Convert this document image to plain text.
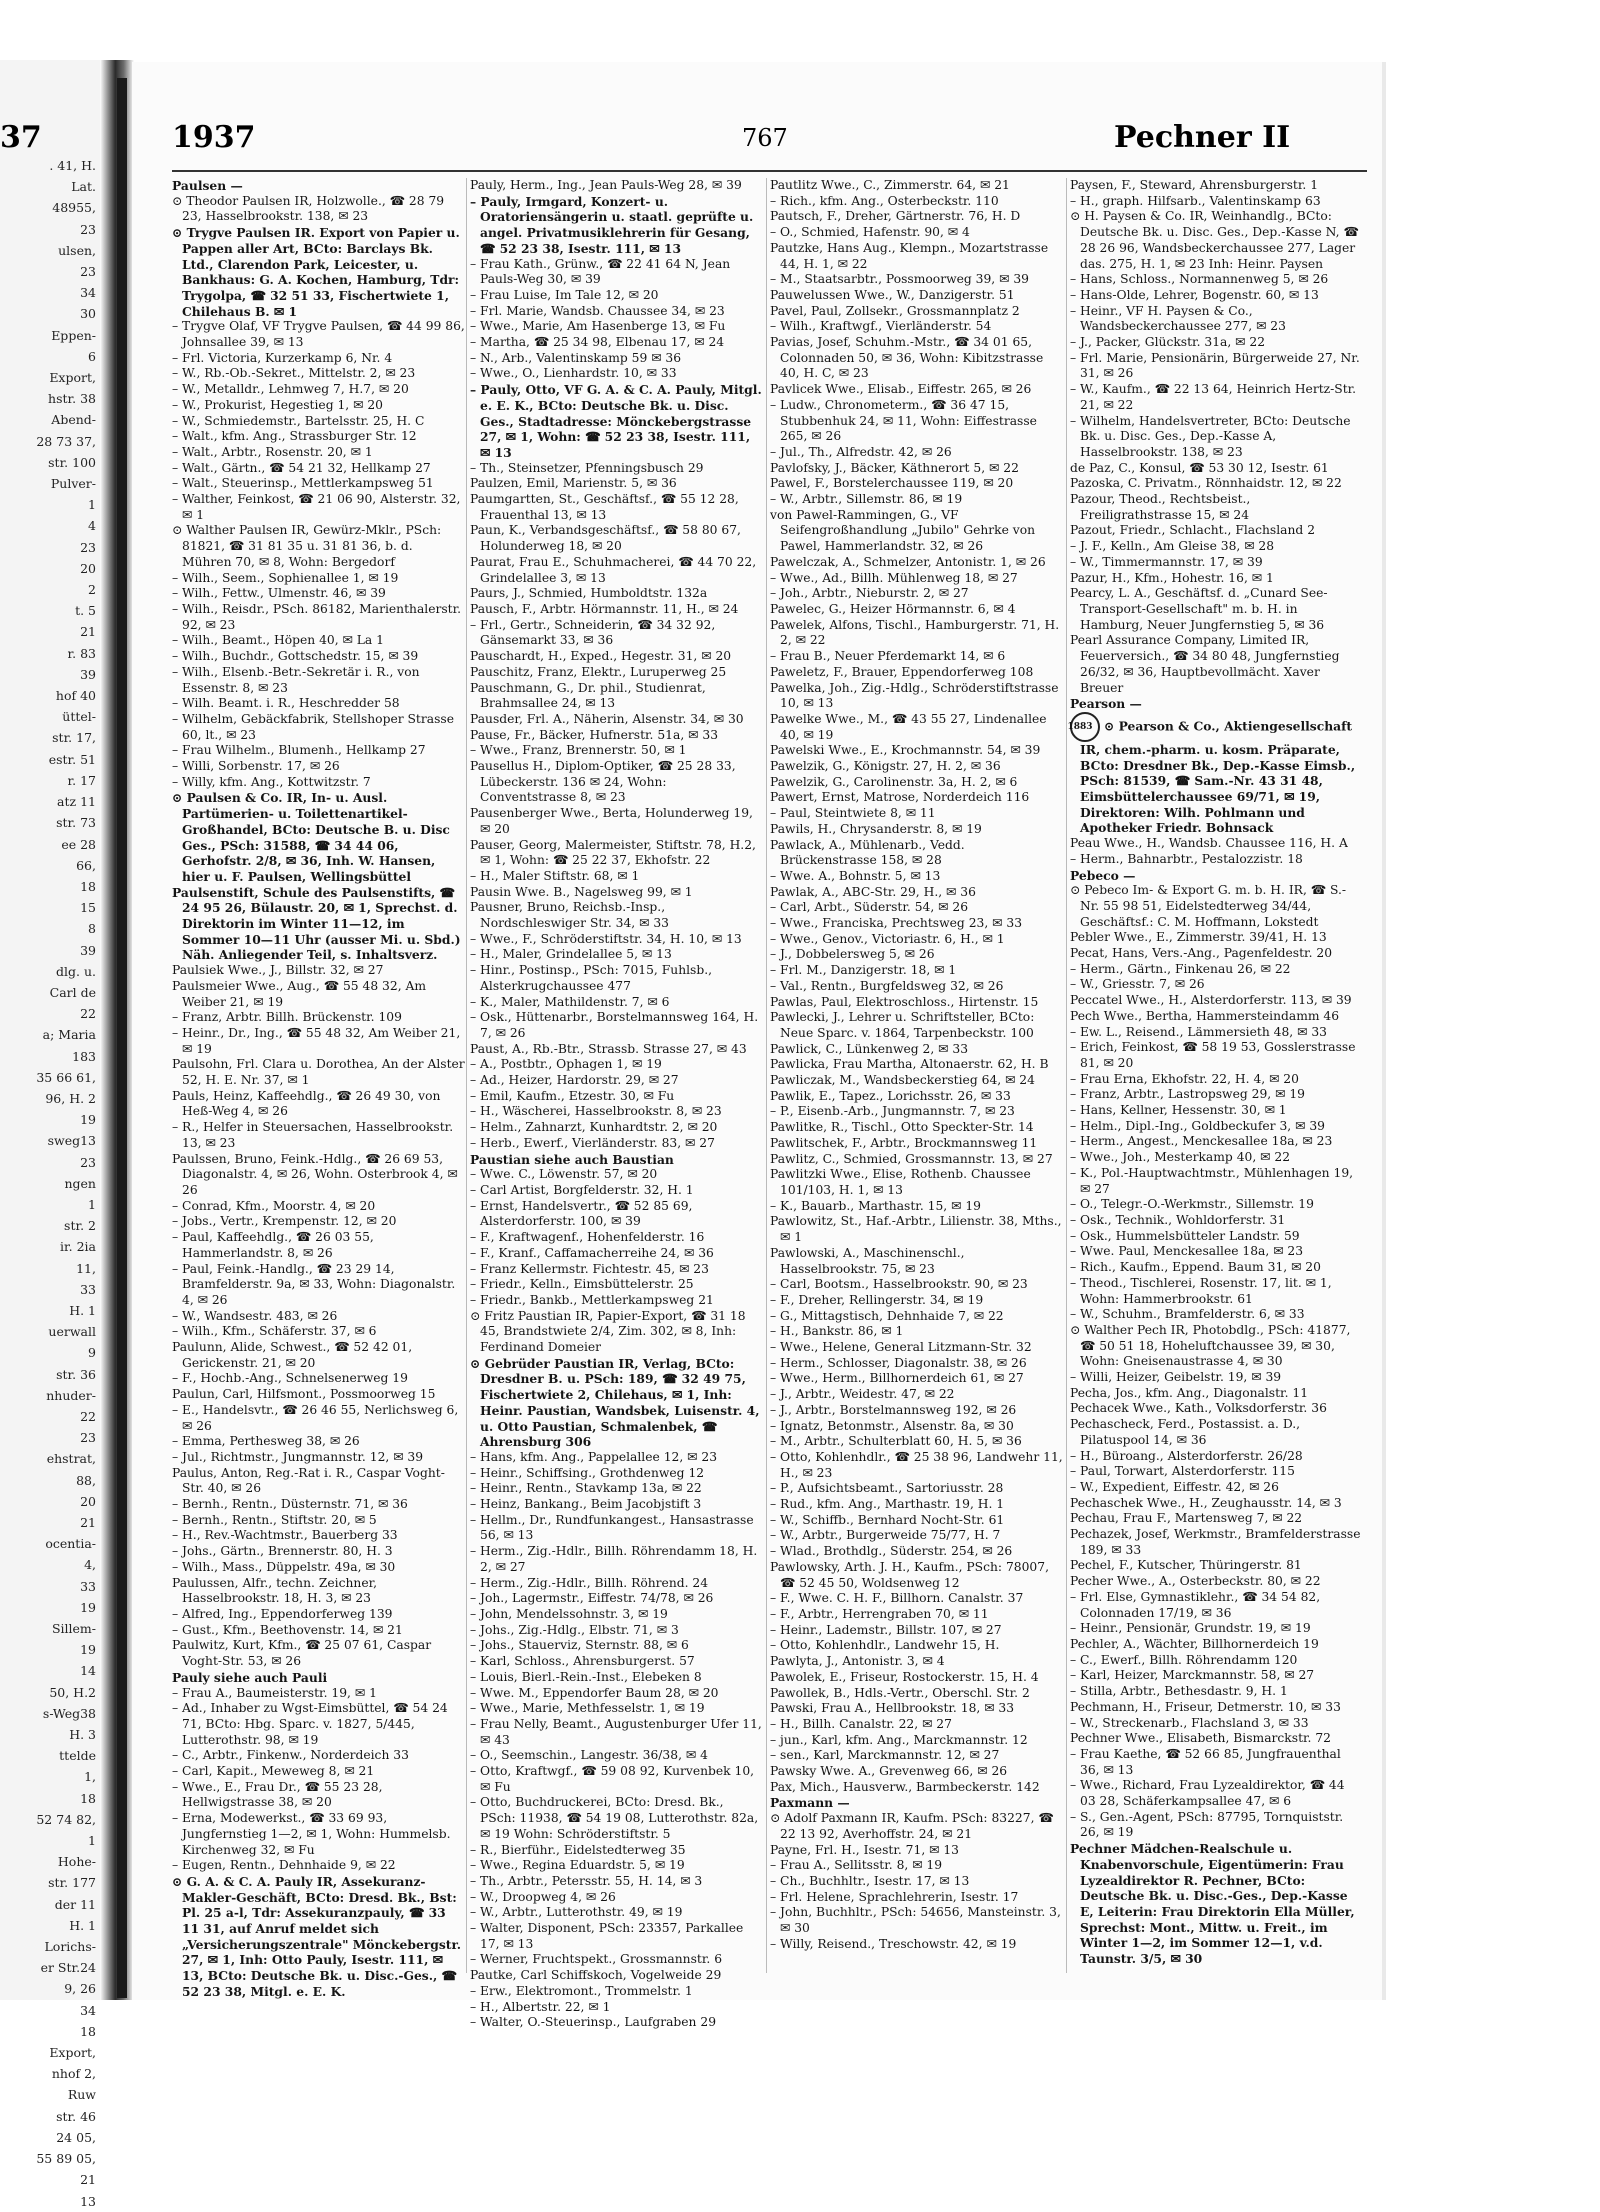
37
. 41, H.
Lat.
48955,
23
ulsen,
23
34
30
Eppen-
6
Export,
hstr. 38
Abend-
28 73 37,
str. 100
Pulver-
1
4
23
20
2
t. 5
21
r. 83
39
hof 40
üttel-
str. 17,
estr. 51
r. 17
atz 11
str. 73
ee 28
66,
18
15
8
39
dlg. u.
Carl de
22
a; Maria
183
35 66 61,
96, H. 2
19
sweg13
23
ngen
1
str. 2
ir. 2ia
11,
33
H. 1
uerwall
9
str. 36
nhuder-
22
23
ehstrat,
88,
20
21
ocentia-
4,
33
19
Sillem-
19
14
50, H.2
s-Weg38
H. 3
ttelde
1,
18
52 74 82,
1
Hohe-
str. 177
der 11
H. 1
Lorichs-
er Str.24
9, 26
34
18
Export,
nhof 2,
Ruw
str. 46
24 05,
55 89 05,
21
13
1937	767	Pechner II

Paulsen —

⊙ Theodor Paulsen IR, Holzwolle., ☎ 28 79 23, Hasselbrookstr. 138, ✉ 23

⊙ Trygve Paulsen IR. Export von Papier u. Pappen aller Art, BCto: Barclays Bk. Ltd., Clarendon Park, Leicester, u. Bankhaus: G. A. Kochen, Hamburg, Tdr: Trygolpa, ☎ 32 51 33, Fischertwiete 1, Chilehaus B. ✉ 1

– Trygve Olaf, VF Trygve Paulsen, ☎ 44 99 86, Johnsallee 39, ✉ 13

– Frl. Victoria, Kurzerkamp 6, Nr. 4

– W., Rb.-Ob.-Sekret., Mittelstr. 2, ✉ 23

– W., Metalldr., Lehmweg 7, H.7, ✉ 20

– W., Prokurist, Hegestieg 1, ✉ 20

– W., Schmiedemstr., Bartelsstr. 25, H. C

– Walt., kfm. Ang., Strassburger Str. 12

– Walt., Arbtr., Rosenstr. 20, ✉ 1

– Walt., Gärtn., ☎ 54 21 32, Hellkamp 27

– Walt., Steuerinsp., Mettlerkampsweg 51

– Walther, Feinkost, ☎ 21 06 90, Alsterstr. 32, ✉ 1

⊙ Walther Paulsen IR, Gewürz-Mklr., PSch: 81821, ☎ 31 81 35 u. 31 81 36, b. d. Mühren 70, ✉ 8, Wohn: Bergedorf

– Wilh., Seem., Sophienallee 1, ✉ 19

– Wilh., Fettw., Ulmenstr. 46, ✉ 39

– Wilh., Reisdr., PSch. 86182, Marienthalerstr. 92, ✉ 23

– Wilh., Beamt., Höpen 40, ✉ La 1

– Wilh., Buchdr., Gottschedstr. 15, ✉ 39

– Wilh., Elsenb.-Betr.-Sekretär i. R., von Essenstr. 8, ✉ 23

– Wilh. Beamt. i. R., Heschredder 58

– Wilhelm, Gebäckfabrik, Stellshoper Strasse 60, lt., ✉ 23

– Frau Wilhelm., Blumenh., Hellkamp 27

– Willi, Sorbenstr. 17, ✉ 26

– Willy, kfm. Ang., Kottwitzstr. 7

⊙ Paulsen & Co. IR, In- u. Ausl. Partümerien- u. Toilettenartikel-Großhandel, BCto: Deutsche B. u. Disc Ges., PSch: 31588, ☎ 34 44 06, Gerhofstr. 2/8, ✉ 36, Inh. W. Hansen, hier u. F. Paulsen, Wellingsbüttel

Paulsenstift, Schule des Paulsenstifts, ☎ 24 95 26, Bülaustr. 20, ✉ 1, Sprechst. d. Direktorin im Winter 11—12, im Sommer 10—11 Uhr (ausser Mi. u. Sbd.) Näh. Anliegender Teil, s. Inhaltsverz.

Paulsiek Wwe., J., Billstr. 32, ✉ 27

Paulsmeier Wwe., Aug., ☎ 55 48 32, Am Weiber 21, ✉ 19

– Franz, Arbtr. Billh. Brückenstr. 109

– Heinr., Dr., Ing., ☎ 55 48 32, Am Weiber 21, ✉ 19

Paulsohn, Frl. Clara u. Dorothea, An der Alster 52, H. E. Nr. 37, ✉ 1

Pauls, Heinz, Kaffeehdlg., ☎ 26 49 30, von Heß-Weg 4, ✉ 26

– R., Helfer in Steuersachen, Hasselbrookstr. 13, ✉ 23

Paulssen, Bruno, Feink.-Hdlg., ☎ 26 69 53, Diagonalstr. 4, ✉ 26, Wohn. Osterbrook 4, ✉ 26

– Conrad, Kfm., Moorstr. 4, ✉ 20

– Jobs., Vertr., Krempenstr. 12, ✉ 20

– Paul, Kaffeehdlg., ☎ 26 03 55, Hammerlandstr. 8, ✉ 26

– Paul, Feink.-Handlg., ☎ 23 29 14, Bramfelderstr. 9a, ✉ 33, Wohn: Diagonalstr. 4, ✉ 26

– W., Wandsestr. 483, ✉ 26

– Wilh., Kfm., Schäferstr. 37, ✉ 6

Paulunn, Alide, Schwest., ☎ 52 42 01, Gerickenstr. 21, ✉ 20

– F., Hochb.-Ang., Schnelsenerweg 19

Paulun, Carl, Hilfsmont., Possmoorweg 15

– E., Handelsvtr., ☎ 26 46 55, Nerlichsweg 6, ✉ 26

– Emma, Perthesweg 38, ✉ 26

– Jul., Richtmstr., Jungmannstr. 12, ✉ 39

Paulus, Anton, Reg.-Rat i. R., Caspar Voght-Str. 40, ✉ 26

– Bernh., Rentn., Düsternstr. 71, ✉ 36

– Bernh., Rentn., Stiftstr. 20, ✉ 5

– H., Rev.-Wachtmstr., Bauerberg 33

– Johs., Gärtn., Brennerstr. 80, H. 3

– Wilh., Mass., Düppelstr. 49a, ✉ 30

Paulussen, Alfr., techn. Zeichner, Hasselbrookstr. 18, H. 3, ✉ 23

– Alfred, Ing., Eppendorferweg 139

– Gust., Kfm., Beethovenstr. 14, ✉ 21

Paulwitz, Kurt, Kfm., ☎ 25 07 61, Caspar Voght-Str. 53, ✉ 26

Pauly siehe auch Pauli

– Frau A., Baumeisterstr. 19, ✉ 1

– Ad., Inhaber zu Wgst-Eimsbüttel, ☎ 54 24 71, BCto: Hbg. Sparc. v. 1827, 5/445, Lutterothstr. 98, ✉ 19

– C., Arbtr., Finkenw., Norderdeich 33

– Carl, Kapit., Meweweg 8, ✉ 21

– Wwe., E., Frau Dr., ☎ 55 23 28, Hellwigstrasse 38, ✉ 20

– Erna, Modewerkst., ☎ 33 69 93, Jungfernstieg 1—2, ✉ 1, Wohn: Hummelsb. Kirchenweg 32, ✉ Fu

– Eugen, Rentn., Dehnhaide 9, ✉ 22

⊙ G. A. & C. A. Pauly IR, Assekuranz-Makler-Geschäft, BCto: Dresd. Bk., Bst: Pl. 25 a-l, Tdr: Assekuranzpauly, ☎ 33 11 31, auf Anruf meldet sich „Versicherungszentrale" Mönckebergstr. 27, ✉ 1, Inh: Otto Pauly, Isestr. 111, ✉ 13, BCto: Deutsche Bk. u. Disc.-Ges., ☎ 52 23 38, Mitgl. e. E. K.

Pauly, Herm., Ing., Jean Pauls-Weg 28, ✉ 39

– Pauly, Irmgard, Konzert- u. Oratoriensängerin u. staatl. geprüfte u. angel. Privatmusiklehrerin für Gesang, ☎ 52 23 38, Isestr. 111, ✉ 13

– Frau Kath., Grünw., ☎ 22 41 64 N, Jean Pauls-Weg 30, ✉ 39

– Frau Luise, Im Tale 12, ✉ 20

– Frl. Marie, Wandsb. Chaussee 34, ✉ 23

– Wwe., Marie, Am Hasenberge 13, ✉ Fu

– Martha, ☎ 25 34 98, Elbenau 17, ✉ 24

– N., Arb., Valentinskamp 59 ✉ 36

– Wwe., O., Lienhardstr. 10, ✉ 33

– Pauly, Otto, VF G. A. & C. A. Pauly, Mitgl. e. E. K., BCto: Deutsche Bk. u. Disc. Ges., Stadtadresse: Mönckebergstrasse 27, ✉ 1, Wohn: ☎ 52 23 38, Isestr. 111, ✉ 13

– Th., Steinsetzer, Pfenningsbusch 29

Paulzen, Emil, Marienstr. 5, ✉ 36

Paumgartten, St., Geschäftsf., ☎ 55 12 28, Frauenthal 13, ✉ 13

Paun, K., Verbandsgeschäftsf., ☎ 58 80 67, Holunderweg 18, ✉ 20

Paurat, Frau E., Schuhmacherei, ☎ 44 70 22, Grindelallee 3, ✉ 13

Paurs, J., Schmied, Humboldtstr. 132a

Pausch, F., Arbtr. Hörmannstr. 11, H., ✉ 24

– Frl., Gertr., Schneiderin, ☎ 34 32 92, Gänsemarkt 33, ✉ 36

Pauschardt, H., Exped., Hegestr. 31, ✉ 20

Pauschitz, Franz, Elektr., Luruperweg 25

Pauschmann, G., Dr. phil., Studienrat, Brahmsallee 24, ✉ 13

Pausder, Frl. A., Näherin, Alsenstr. 34, ✉ 30

Pause, Fr., Bäcker, Hufnerstr. 51a, ✉ 33

– Wwe., Franz, Brennerstr. 50, ✉ 1

Pausellus H., Diplom-Optiker, ☎ 25 28 33, Lübeckerstr. 136 ✉ 24, Wohn: Conventstrasse 8, ✉ 23

Pausenberger Wwe., Berta, Holunderweg 19, ✉ 20

Pauser, Georg, Malermeister, Stiftstr. 78, H.2, ✉ 1, Wohn: ☎ 25 22 37, Ekhofstr. 22

– H., Maler Stiftstr. 68, ✉ 1

Pausin Wwe. B., Nagelsweg 99, ✉ 1

Pausner, Bruno, Reichsb.-Insp., Nordschleswiger Str. 34, ✉ 33

– Wwe., F., Schröderstiftstr. 34, H. 10, ✉ 13

– H., Maler, Grindelallee 5, ✉ 13

– Hinr., Postinsp., PSch: 7015, Fuhlsb., Alsterkrugchaussee 477

– K., Maler, Mathildenstr. 7, ✉ 6

– Osk., Hüttenarbr., Borstelmannsweg 164, H. 7, ✉ 26

Paust, A., Rb.-Btr., Strassb. Strasse 27, ✉ 43

– A., Postbtr., Ophagen 1, ✉ 19

– Ad., Heizer, Hardorstr. 29, ✉ 27

– Emil, Kaufm., Etzestr. 30, ✉ Fu

– H., Wäscherei, Hasselbrookstr. 8, ✉ 23

– Helm., Zahnarzt, Kunhardtstr. 2, ✉ 20

– Herb., Ewerf., Vierländerstr. 83, ✉ 27

Paustian siehe auch Baustian

– Wwe. C., Löwenstr. 57, ✉ 20

– Carl Artist, Borgfelderstr. 32, H. 1

– Ernst, Handelsvertr., ☎ 52 85 69, Alsterdorferstr. 100, ✉ 39

– F., Kraftwagenf., Hohenfelderstr. 16

– F., Kranf., Caffamacherreihe 24, ✉ 36

– Franz Kellermstr. Fichtestr. 45, ✉ 23

– Friedr., Kelln., Eimsbüttelerstr. 25

– Friedr., Bankb., Mettlerkampsweg 21

⊙ Fritz Paustian IR, Papier-Export, ☎ 31 18 45, Brandstwiete 2/4, Zim. 302, ✉ 8, Inh: Ferdinand Domeier

⊙ Gebrüder Paustian IR, Verlag, BCto: Dresdner B. u. PSch: 189, ☎ 32 49 75, Fischertwiete 2, Chilehaus, ✉ 1, Inh: Heinr. Paustian, Wandsbek, Luisenstr. 4, u. Otto Paustian, Schmalenbek, ☎ Ahrensburg 306

– Hans, kfm. Ang., Pappelallee 12, ✉ 23

– Heinr., Schiffsing., Grothdenweg 12

– Heinr., Rentn., Stavkamp 13a, ✉ 22

– Heinz, Bankang., Beim Jacobjstift 3

– Hellm., Dr., Rundfunkangest., Hansastrasse 56, ✉ 13

– Herm., Zig.-Hdlr., Billh. Röhrendamm 18, H. 2, ✉ 27

– Herm., Zig.-Hdlr., Billh. Röhrend. 24

– Joh., Lagermstr., Eiffestr. 74/78, ✉ 26

– John, Mendelssohnstr. 3, ✉ 19

– Johs., Zig.-Hdlg., Elbstr. 71, ✉ 3

– Johs., Stauerviz, Sternstr. 88, ✉ 6

– Karl, Schloss., Ahrensburgerst. 57

– Louis, Bierl.-Rein.-Inst., Elebeken 8

– Wwe. M., Eppendorfer Baum 28, ✉ 20

– Wwe., Marie, Methfesselstr. 1, ✉ 19

– Frau Nelly, Beamt., Augustenburger Ufer 11, ✉ 43

– O., Seemschin., Langestr. 36/38, ✉ 4

– Otto, Kraftwgf., ☎ 59 08 92, Kurvenbek 10, ✉ Fu

– Otto, Buchdruckerei, BCto: Dresd. Bk., PSch: 11938, ☎ 54 19 08, Lutterothstr. 82a, ✉ 19 Wohn: Schröderstiftstr. 5

– R., Bierführ., Eidelstedterweg 35

– Wwe., Regina Eduardstr. 5, ✉ 19

– Th., Arbtr., Petersstr. 55, H. 14, ✉ 3

– W., Droopweg 4, ✉ 26

– W., Arbtr., Lutterothstr. 49, ✉ 19

– Walter, Disponent, PSch: 23357, Parkallee 17, ✉ 13

– Werner, Fruchtspekt., Grossmannstr. 6

Pautke, Carl Schiffskoch, Vogelweide 29

– Erw., Elektromont., Trommelstr. 1

– H., Albertstr. 22, ✉ 1

– Walter, O.-Steuerinsp., Laufgraben 29

Pautlitz Wwe., C., Zimmerstr. 64, ✉ 21

– Rich., kfm. Ang., Osterbeckstr. 110

Pautsch, F., Dreher, Gärtnerstr. 76, H. D

– O., Schmied, Hafenstr. 90, ✉ 4

Pautzke, Hans Aug., Klempn., Mozartstrasse 44, H. 1, ✉ 22

– M., Staatsarbtr., Possmoorweg 39, ✉ 39

Pauwelussen Wwe., W., Danzigerstr. 51

Pavel, Paul, Zollsekr., Grossmannplatz 2

– Wilh., Kraftwgf., Vierländerstr. 54

Pavias, Josef, Schuhm.-Mstr., ☎ 34 01 65, Colonnaden 50, ✉ 36, Wohn: Kibitzstrasse 40, H. C, ✉ 23

Pavlicek Wwe., Elisab., Eiffestr. 265, ✉ 26

– Ludw., Chronometerm., ☎ 36 47 15, Stubbenhuk 24, ✉ 11, Wohn: Eiffestrasse 265, ✉ 26

– Jul., Th., Alfredstr. 42, ✉ 26

Pavlofsky, J., Bäcker, Käthnerort 5, ✉ 22

Pawel, F., Borstelerchaussee 119, ✉ 20

– W., Arbtr., Sillemstr. 86, ✉ 19

von Pawel-Rammingen, G., VF Seifengroßhandlung „Jubilo" Gehrke von Pawel, Hammerlandstr. 32, ✉ 26

Pawelczak, A., Schmelzer, Antonistr. 1, ✉ 26

– Wwe., Ad., Billh. Mühlenweg 18, ✉ 27

– Joh., Arbtr., Nieburstr. 2, ✉ 27

Pawelec, G., Heizer Hörmannstr. 6, ✉ 4

Pawelek, Alfons, Tischl., Hamburgerstr. 71, H. 2, ✉ 22

– Frau B., Neuer Pferdemarkt 14, ✉ 6

Paweletz, F., Brauer, Eppendorferweg 108

Pawelka, Joh., Zig.-Hdlg., Schröderstiftstrasse 10, ✉ 13

Pawelke Wwe., M., ☎ 43 55 27, Lindenallee 40, ✉ 19

Pawelski Wwe., E., Krochmannstr. 54, ✉ 39

Pawelzik, G., Königstr. 27, H. 2, ✉ 36

Pawelzik, G., Carolinenstr. 3a, H. 2, ✉ 6

Pawert, Ernst, Matrose, Norderdeich 116

– Paul, Steintwiete 8, ✉ 11

Pawils, H., Chrysanderstr. 8, ✉ 19

Pawlack, A., Mühlenarb., Vedd. Brückenstrasse 158, ✉ 28

– Wwe. A., Bohnstr. 5, ✉ 13

Pawlak, A., ABC-Str. 29, H., ✉ 36

– Carl, Arbt., Süderstr. 54, ✉ 26

– Wwe., Franciska, Prechtsweg 23, ✉ 33

– Wwe., Genov., Victoriastr. 6, H., ✉ 1

– J., Dobbelersweg 5, ✉ 26

– Frl. M., Danzigerstr. 18, ✉ 1

– Val., Rentn., Burgfeldsweg 32, ✉ 26

Pawlas, Paul, Elektroschloss., Hirtenstr. 15

Pawlecki, J., Lehrer u. Schriftsteller, BCto: Neue Sparc. v. 1864, Tarpenbeckstr. 100

Pawlick, C., Lünkenweg 2, ✉ 33

Pawlicka, Frau Martha, Altonaerstr. 62, H. B

Pawliczak, M., Wandsbeckerstieg 64, ✉ 24

Pawlik, E., Tapez., Lorichsstr. 26, ✉ 33

– P., Eisenb.-Arb., Jungmannstr. 7, ✉ 23

Pawlitke, R., Tischl., Otto Speckter-Str. 14

Pawlitschek, F., Arbtr., Brockmannsweg 11

Pawlitz, C., Schmied, Grossmannstr. 13, ✉ 27

Pawlitzki Wwe., Elise, Rothenb. Chaussee 101/103, H. 1, ✉ 13

– K., Bauarb., Marthastr. 15, ✉ 19

Pawlowitz, St., Haf.-Arbtr., Lilienstr. 38, Mths., ✉ 1

Pawlowski, A., Maschinenschl., Hasselbrookstr. 75, ✉ 23

– Carl, Bootsm., Hasselbrookstr. 90, ✉ 23

– F., Dreher, Rellingerstr. 34, ✉ 19

– G., Mittagstisch, Dehnhaide 7, ✉ 22

– H., Bankstr. 86, ✉ 1

– Wwe., Helene, General Litzmann-Str. 32

– Herm., Schlosser, Diagonalstr. 38, ✉ 26

– Wwe., Herm., Billhornerdeich 61, ✉ 27

– J., Arbtr., Weidestr. 47, ✉ 22

– J., Arbtr., Borstelmannsweg 192, ✉ 26

– Ignatz, Betonmstr., Alsenstr. 8a, ✉ 30

– M., Arbtr., Schulterblatt 60, H. 5, ✉ 36

– Otto, Kohlenhdlr., ☎ 25 38 96, Landwehr 11, H., ✉ 23

– P., Aufsichtsbeamt., Sartoriusstr. 28

– Rud., kfm. Ang., Marthastr. 19, H. 1

– W., Schiffb., Bernhard Nocht-Str. 61

– W., Arbtr., Burgerweide 75/77, H. 7

– Wlad., Brothdlg., Süderstr. 254, ✉ 26

Pawlowsky, Arth. J. H., Kaufm., PSch: 78007, ☎ 52 45 50, Woldsenweg 12

– F., Wwe. C. H. F., Billhorn. Canalstr. 37

– F., Arbtr., Herrengraben 70, ✉ 11

– Heinr., Lademstr., Billstr. 107, ✉ 27

– Otto, Kohlenhdlr., Landwehr 15, H.

Pawlyta, J., Antonistr. 3, ✉ 4

Pawolek, E., Friseur, Rostockerstr. 15, H. 4

Pawollek, B., Hdls.-Vertr., Oberschl. Str. 2

Pawski, Frau A., Hellbrookstr. 18, ✉ 33

– H., Billh. Canalstr. 22, ✉ 27

– jun., Karl, kfm. Ang., Marckmannstr. 12

– sen., Karl, Marckmannstr. 12, ✉ 27

Pawsky Wwe. A., Grevenweg 66, ✉ 26

Pax, Mich., Hausverw., Barmbeckerstr. 142

Paxmann —

⊙ Adolf Paxmann IR, Kaufm. PSch: 83227, ☎ 22 13 92, Averhoffstr. 24, ✉ 21

Payne, Frl. H., Isestr. 71, ✉ 13

– Frau A., Sellitsstr. 8, ✉ 19

– Ch., Buchhltr., Isestr. 17, ✉ 13

– Frl. Helene, Sprachlehrerin, Isestr. 17

– John, Buchhltr., PSch: 54656, Mansteinstr. 3, ✉ 30

– Willy, Reisend., Treschowstr. 42, ✉ 19

Paysen, F., Steward, Ahrensburgerstr. 1

– H., graph. Hilfsarb., Valentinskamp 63

⊙ H. Paysen & Co. IR, Weinhandlg., BCto: Deutsche Bk. u. Disc. Ges., Dep.-Kasse N, ☎ 28 26 96, Wandsbeckerchaussee 277, Lager das. 275, H. 1, ✉ 23 Inh: Heinr. Paysen

– Hans, Schloss., Normannenweg 5, ✉ 26

– Hans-Olde, Lehrer, Bogenstr. 60, ✉ 13

– Heinr., VF H. Paysen & Co., Wandsbeckerchaussee 277, ✉ 23

– J., Packer, Glückstr. 31a, ✉ 22

– Frl. Marie, Pensionärin, Bürgerweide 27, Nr. 31, ✉ 26

– W., Kaufm., ☎ 22 13 64, Heinrich Hertz-Str. 21, ✉ 22

– Wilhelm, Handelsvertreter, BCto: Deutsche Bk. u. Disc. Ges., Dep.-Kasse A, Hasselbrookstr. 138, ✉ 23

de Paz, C., Konsul, ☎ 53 30 12, Isestr. 61

Pazoska, C. Privatm., Rönnhaidstr. 12, ✉ 22

Pazour, Theod., Rechtsbeist., Freiligrathstrasse 15, ✉ 24

Pazout, Friedr., Schlacht., Flachsland 2

– J. F., Kelln., Am Gleise 38, ✉ 28

– W., Timmermannstr. 17, ✉ 39

Pazur, H., Kfm., Hohestr. 16, ✉ 1

Pearcy, L. A., Geschäftsf. d. „Cunard See-Transport-Gesellschaft" m. b. H. in Hamburg, Neuer Jungfernstieg 5, ✉ 36

Pearl Assurance Company, Limited IR, Feuerversich., ☎ 34 80 48, Jungfernstieg 26/32, ✉ 36, Hauptbevollmächt. Xaver Breuer

Pearson —

1883 ⊙ Pearson & Co., Aktiengesellschaft IR, chem.-pharm. u. kosm. Präparate, BCto: Dresdner Bk., Dep.-Kasse Eimsb., PSch: 81539, ☎ Sam.-Nr. 43 31 48, Eimsbüttelerchaussee 69/71, ✉ 19, Direktoren: Wilh. Pohlmann und Apotheker Friedr. Bohnsack

Peau Wwe., H., Wandsb. Chaussee 116, H. A

– Herm., Bahnarbtr., Pestalozzistr. 18

Pebeco —

⊙ Pebeco Im- & Export G. m. b. H. IR, ☎ S.-Nr. 55 98 51, Eidelstedterweg 34/44, Geschäftsf.: C. M. Hoffmann, Lokstedt

Pebler Wwe., E., Zimmerstr. 39/41, H. 13

Pecat, Hans, Vers.-Ang., Pagenfeldestr. 20

– Herm., Gärtn., Finkenau 26, ✉ 22

– W., Griesstr. 7, ✉ 26

Peccatel Wwe., H., Alsterdorferstr. 113, ✉ 39

Pech Wwe., Bertha, Hammersteindamm 46

– Ew. L., Reisend., Lämmersieth 48, ✉ 33

– Erich, Feinkost, ☎ 58 19 53, Gosslerstrasse 81, ✉ 20

– Frau Erna, Ekhofstr. 22, H. 4, ✉ 20

– Franz, Arbtr., Lastropsweg 29, ✉ 19

– Hans, Kellner, Hessenstr. 30, ✉ 1

– Helm., Dipl.-Ing., Goldbeckufer 3, ✉ 39

– Herm., Angest., Menckesallee 18a, ✉ 23

– Wwe., Joh., Mesterkamp 40, ✉ 22

– K., Pol.-Hauptwachtmstr., Mühlenhagen 19, ✉ 27

– O., Telegr.-O.-Werkmstr., Sillemstr. 19

– Osk., Technik., Wohldorferstr. 31

– Osk., Hummelsbütteler Landstr. 59

– Wwe. Paul, Menckesallee 18a, ✉ 23

– Rich., Kaufm., Eppend. Baum 31, ✉ 20

– Theod., Tischlerei, Rosenstr. 17, lit. ✉ 1, Wohn: Hammerbrookstr. 61

– W., Schuhm., Bramfelderstr. 6, ✉ 33

⊙ Walther Pech IR, Photobdlg., PSch: 41877, ☎ 50 51 18, Hoheluftchaussee 39, ✉ 30, Wohn: Gneisenaustrasse 4, ✉ 30

– Willi, Heizer, Geibelstr. 19, ✉ 39

Pecha, Jos., kfm. Ang., Diagonalstr. 11

Pechacek Wwe., Kath., Volksdorferstr. 36

Pechascheck, Ferd., Postassist. a. D., Pilatuspool 14, ✉ 36

– H., Büroang., Alsterdorferstr. 26/28

– Paul, Torwart, Alsterdorferstr. 115

– W., Expedient, Eiffestr. 42, ✉ 26

Pechaschek Wwe., H., Zeughausstr. 14, ✉ 3

Pechau, Frau F., Martensweg 7, ✉ 22

Pechazek, Josef, Werkmstr., Bramfelderstrasse 189, ✉ 33

Pechel, F., Kutscher, Thüringerstr. 81

Pecher Wwe., A., Osterbeckstr. 80, ✉ 22

– Frl. Else, Gymnastiklehr., ☎ 34 54 82, Colonnaden 17/19, ✉ 36

– Heinr., Pensionär, Grundstr. 19, ✉ 19

Pechler, A., Wächter, Billhornerdeich 19

– C., Ewerf., Billh. Röhrendamm 120

– Karl, Heizer, Marckmannstr. 58, ✉ 27

– Stilla, Arbtr., Bethesdastr. 9, H. 1

Pechmann, H., Friseur, Detmerstr. 10, ✉ 33

– W., Streckenarb., Flachsland 3, ✉ 33

Pechner Wwe., Elisabeth, Bismarckstr. 72

– Frau Kaethe, ☎ 52 66 85, Jungfrauenthal 36, ✉ 13

– Wwe., Richard, Frau Lyzealdirektor, ☎ 44 03 28, Schäferkampsallee 47, ✉ 6

– S., Gen.-Agent, PSch: 87795, Tornquiststr. 26, ✉ 19

Pechner Mädchen-Realschule u. Knabenvorschule, Eigentümerin: Frau Lyzealdirektor R. Pechner, BCto: Deutsche Bk. u. Disc.-Ges., Dep.-Kasse E, Leiterin: Frau Direktorin Ella Müller, Sprechst: Mont., Mittw. u. Freit., im Winter 1—2, im Sommer 12—1, v.d. Taunstr. 3/5, ✉ 30
